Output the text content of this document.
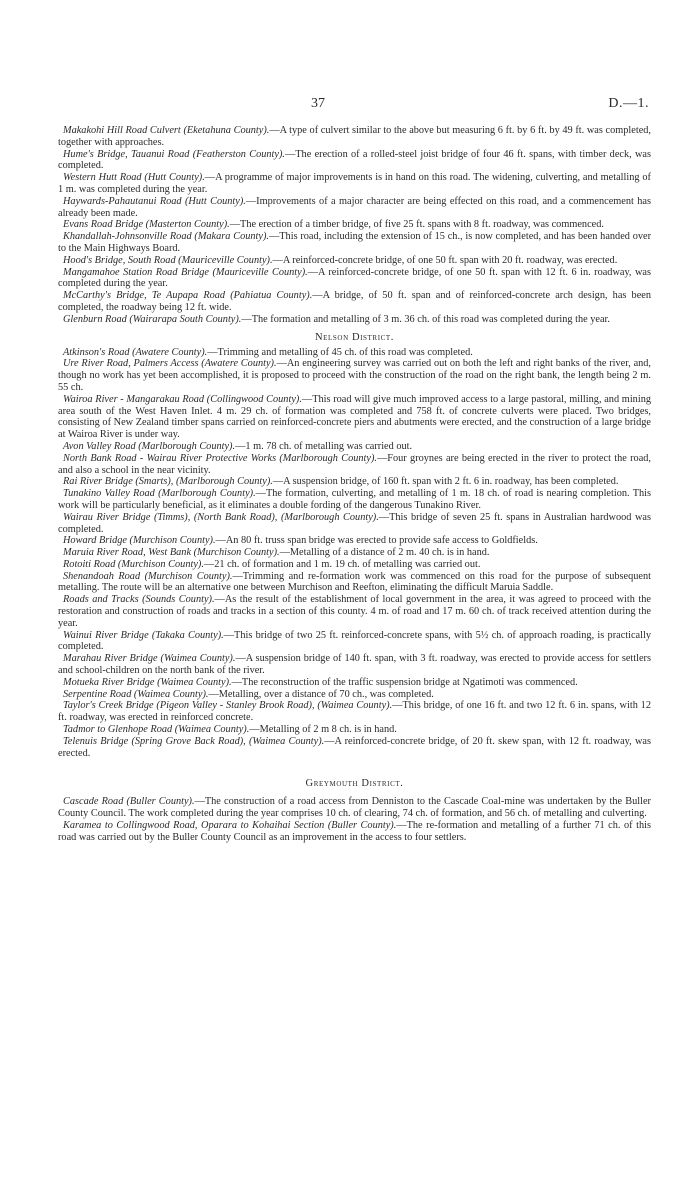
37	D.—1.

Makakohi Hill Road Culvert (Eketahuna County).—A type of culvert similar to the above but measuring 6 ft. by 6 ft. by 49 ft. was completed, together with approaches.

Hume's Bridge, Tauanui Road (Featherston County).—The erection of a rolled-steel joist bridge of four 46 ft. spans, with timber deck, was completed.

Western Hutt Road (Hutt County).—A programme of major improvements is in hand on this road. The widening, culverting, and metalling of 1 m. was completed during the year.

Haywards-Pahautanui Road (Hutt County).—Improvements of a major character are being effected on this road, and a commencement has already been made.

Evans Road Bridge (Masterton County).—The erection of a timber bridge, of five 25 ft. spans with 8 ft. roadway, was commenced.

Khandallah-Johnsonville Road (Makara County).—This road, including the extension of 15 ch., is now completed, and has been handed over to the Main Highways Board.

Hood's Bridge, South Road (Mauriceville County).—A reinforced-concrete bridge, of one 50 ft. span with 20 ft. roadway, was erected.

Mangamahoe Station Road Bridge (Mauriceville County).—A reinforced-concrete bridge, of one 50 ft. span with 12 ft. 6 in. roadway, was completed during the year.

McCarthy's Bridge, Te Aupapa Road (Pahiatua County).—A bridge, of 50 ft. span and of reinforced-concrete arch design, has been completed, the roadway being 12 ft. wide.

Glenburn Road (Wairarapa South County).—The formation and metalling of 3 m. 36 ch. of this road was completed during the year.

Nelson District.

Atkinson's Road (Awatere County).—Trimming and metalling of 45 ch. of this road was completed.

Ure River Road, Palmers Access (Awatere County).—An engineering survey was carried out on both the left and right banks of the river, and, though no work has yet been accomplished, it is proposed to proceed with the construction of the road on the right bank, the length being 2 m. 55 ch.

Wairoa River - Mangarakau Road (Collingwood County).—This road will give much improved access to a large pastoral, milling, and mining area south of the West Haven Inlet. 4 m. 29 ch. of formation was completed and 758 ft. of concrete culverts were placed. Two bridges, consisting of New Zealand timber spans carried on reinforced-concrete piers and abutments were erected, and the construction of a large bridge at Wairoa River is under way.

Avon Valley Road (Marlborough County).—1 m. 78 ch. of metalling was carried out.

North Bank Road - Wairau River Protective Works (Marlborough County).—Four groynes are being erected in the river to protect the road, and also a school in the near vicinity.

Rai River Bridge (Smarts), (Marlborough County).—A suspension bridge, of 160 ft. span with 2 ft. 6 in. roadway, has been completed.

Tunakino Valley Road (Marlborough County).—The formation, culverting, and metalling of 1 m. 18 ch. of road is nearing completion. This work will be particularly beneficial, as it eliminates a double fording of the dangerous Tunakino River.

Wairau River Bridge (Timms), (North Bank Road), (Marlborough County).—This bridge of seven 25 ft. spans in Australian hardwood was completed.

Howard Bridge (Murchison County).—An 80 ft. truss span bridge was erected to provide safe access to Goldfields.

Maruia River Road, West Bank (Murchison County).—Metalling of a distance of 2 m. 40 ch. is in hand.

Rotoiti Road (Murchison County).—21 ch. of formation and 1 m. 19 ch. of metalling was carried out.

Shenandoah Road (Murchison County).—Trimming and re-formation work was commenced on this road for the purpose of subsequent metalling. The route will be an alternative one between Murchison and Reefton, eliminating the difficult Maruia Saddle.

Roads and Tracks (Sounds County).—As the result of the establishment of local government in the area, it was agreed to proceed with the restoration and construction of roads and tracks in a section of this county. 4 m. of road and 17 m. 60 ch. of track received attention during the year.

Wainui River Bridge (Takaka County).—This bridge of two 25 ft. reinforced-concrete spans, with 5½ ch. of approach roading, is practically completed.

Marahau River Bridge (Waimea County).—A suspension bridge of 140 ft. span, with 3 ft. roadway, was erected to provide access for settlers and school-children on the north bank of the river.

Motueka River Bridge (Waimea County).—The reconstruction of the traffic suspension bridge at Ngatimoti was commenced.

Serpentine Road (Waimea County).—Metalling, over a distance of 70 ch., was completed.

Taylor's Creek Bridge (Pigeon Valley - Stanley Brook Road), (Waimea County).—This bridge, of one 16 ft. and two 12 ft. 6 in. spans, with 12 ft. roadway, was erected in reinforced concrete.

Tadmor to Glenhope Road (Waimea County).—Metalling of 2 m 8 ch. is in hand.

Telenuis Bridge (Spring Grove Back Road), (Waimea County).—A reinforced-concrete bridge, of 20 ft. skew span, with 12 ft. roadway, was erected.

Greymouth District.

Cascade Road (Buller County).—The construction of a road access from Denniston to the Cascade Coal-mine was undertaken by the Buller County Council. The work completed during the year comprises 10 ch. of clearing, 74 ch. of formation, and 56 ch. of metalling and culverting.

Karamea to Collingwood Road, Oparara to Kohaihai Section (Buller County).—The re-formation and metalling of a further 71 ch. of this road was carried out by the Buller County Council as an improvement in the access to four settlers.
